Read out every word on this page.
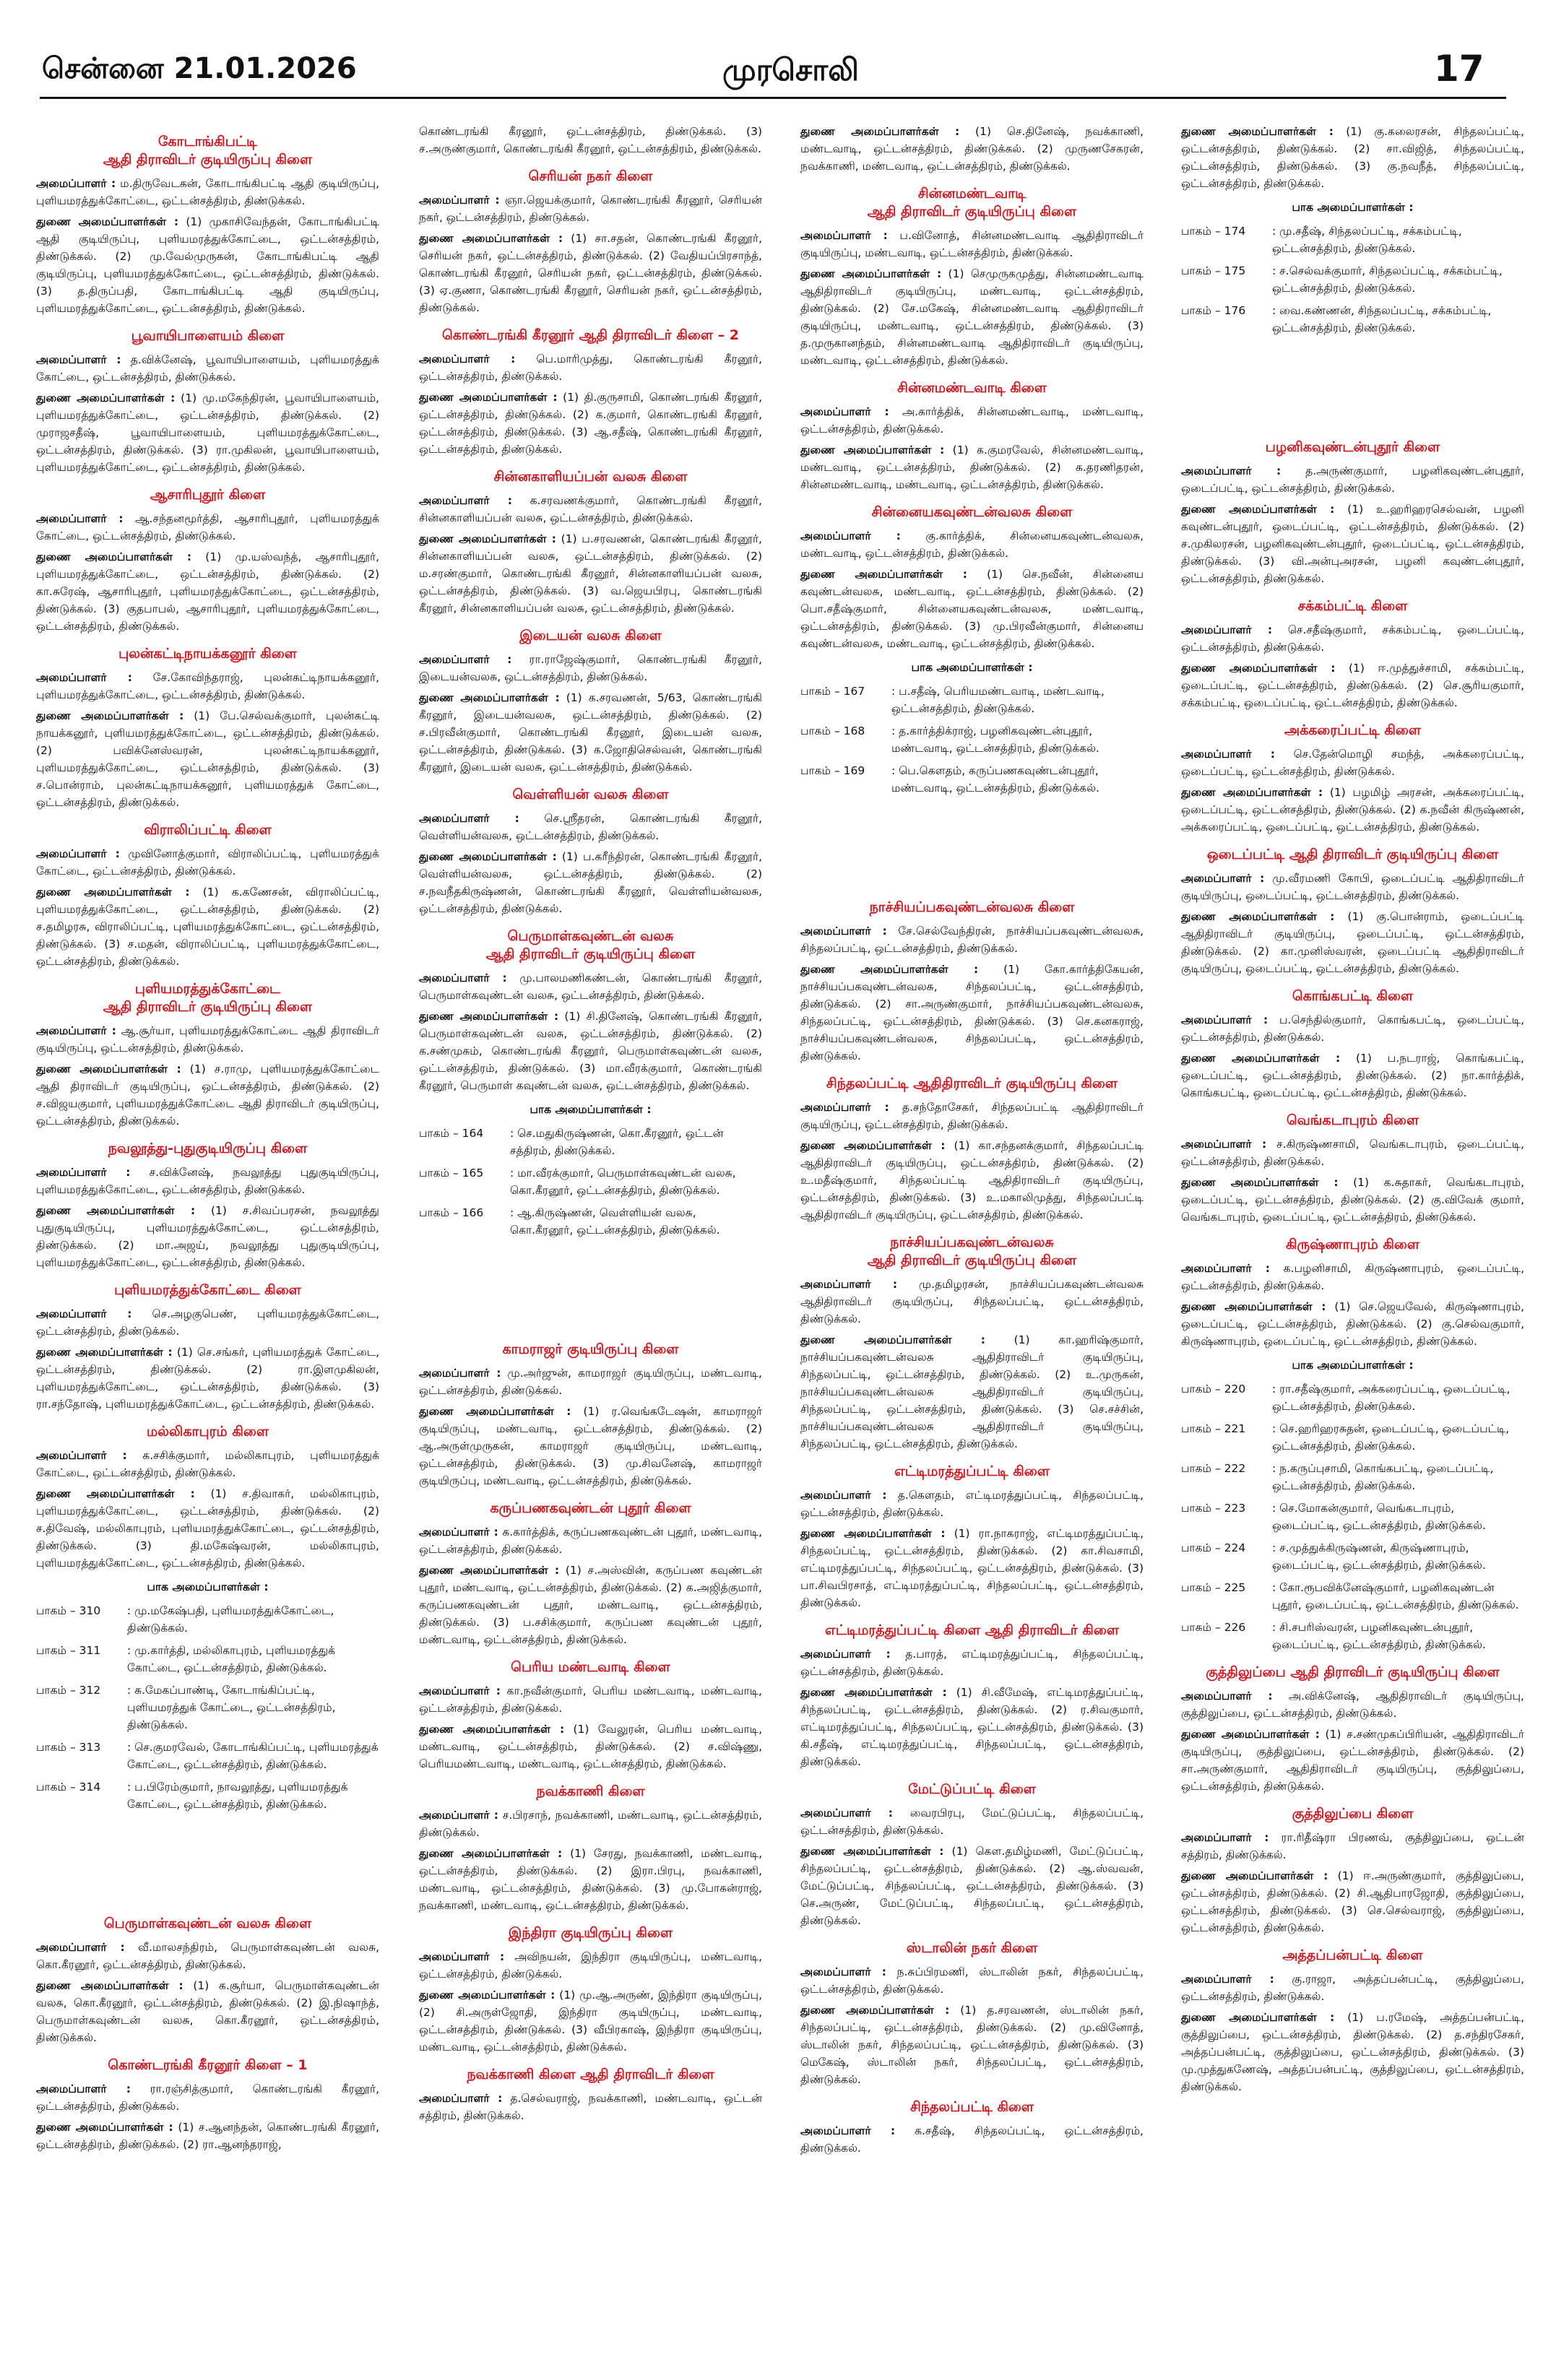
சென்னை 21.01.2026	முரசொலி	17
கோடாங்கிபட்டி
ஆதி திராவிடர் குடியிருப்பு கிளை

அமைப்பாளர் : ம.திருவேடகன், கோடாங்கிபட்டி ஆதி குடியிருப்பு, புளியமரத்துக்கோட்டை, ஒட்டன்சத்திரம், திண்டுக்கல்.

துணை அமைப்பாளர்கள் : (1) முகாசிவேந்தன், கோடாங்கிபட்டி ஆதி குடியிருப்பு, புளியமரத்துக்கோட்டை, ஒட்டன்சத்திரம், திண்டுக்கல். (2) மு.வேல்முருகன், கோடாங்கிபட்டி ஆதி குடியிருப்பு, புளியமரத்துக்கோட்டை, ஒட்டன்சத்திரம், திண்டுக்கல். (3) த.திருப்பதி, கோடாங்கிபட்டி ஆதி குடியிருப்பு, புளியமரத்துக்கோட்டை, ஒட்டன்சத்திரம், திண்டுக்கல்.

பூவாயிபாளையம் கிளை

அமைப்பாளர் : த.விக்னேஷ், பூவாயிபாளையம், புளியமரத்துக் கோட்டை, ஒட்டன்சத்திரம், திண்டுக்கல்.

துணை அமைப்பாளர்கள் : (1) மு.மகேந்திரன், பூவாயிபாளையம், புளியமரத்துக்கோட்டை, ஒட்டன்சத்திரம், திண்டுக்கல். (2) முராஜசதீஷ், பூவாயிபாளையம், புளியமரத்துக்கோட்டை, ஒட்டன்சத்திரம், திண்டுக்கல். (3) ரா.முகிலன், பூவாயிபாளையம், புளியமரத்துக்கோட்டை, ஒட்டன்சத்திரம், திண்டுக்கல்.

ஆசாரிபுதூர் கிளை

அமைப்பாளர் : ஆ.சந்தனமூர்த்தி, ஆசாரிபுதூர், புளியமரத்துக் கோட்டை, ஒட்டன்சத்திரம், திண்டுக்கல்.

துணை அமைப்பாளர்கள் : (1) மு.யஸ்வந்த், ஆசாரிபுதூர், புளியமரத்துக்கோட்டை, ஒட்டன்சத்திரம், திண்டுக்கல். (2) கா.சுரேஷ், ஆசாரிபுதூர், புளியமரத்துக்கோட்டை, ஒட்டன்சத்திரம், திண்டுக்கல். (3) குதபாபல், ஆசாரிபுதூர், புளியமரத்துக்கோட்டை, ஒட்டன்சத்திரம், திண்டுக்கல்.

புலன்கட்டிநாயக்கனூர் கிளை

அமைப்பாளர் : சே.கோவிந்தராஜ், புலன்கட்டிநாயக்கனூர், புளியமரத்துக்கோட்டை, ஒட்டன்சத்திரம், திண்டுக்கல்.

துணை அமைப்பாளர்கள் : (1) பே.செல்வக்குமார், புலன்கட்டி நாயக்கனூர், புளியமரத்துக்கோட்டை, ஒட்டன்சத்திரம், திண்டுக்கல். (2) பவிக்னேஸ்வரன், புலன்கட்டிநாயக்கனூர், புளியமரத்துக்கோட்டை, ஒட்டன்சத்திரம், திண்டுக்கல். (3) ச.பொன்ராம், புலன்கட்டிநாயக்கனூர், புளியமரத்துக் கோட்டை, ஒட்டன்சத்திரம், திண்டுக்கல்.

விராலிப்பட்டி கிளை

அமைப்பாளர் : முவினோத்குமார், விராலிப்பட்டி, புளியமரத்துக் கோட்டை, ஒட்டன்சத்திரம், திண்டுக்கல்.

துணை அமைப்பாளர்கள் : (1) க.கணேசன், விராலிப்பட்டி, புளியமரத்துக்கோட்டை, ஒட்டன்சத்திரம், திண்டுக்கல். (2) ச.தமிழரசு, விராலிப்பட்டி, புளியமரத்துக்கோட்டை, ஒட்டன்சத்திரம், திண்டுக்கல். (3) ச.மதன், விராலிப்பட்டி, புளியமரத்துக்கோட்டை, ஒட்டன்சத்திரம், திண்டுக்கல்.

புளியமரத்துக்கோட்டை
ஆதி திராவிடர் குடியிருப்பு கிளை

அமைப்பாளர் : ஆ.சூர்யா, புளியமரத்துக்கோட்டை ஆதி திராவிடர் குடியிருப்பு, ஒட்டன்சத்திரம், திண்டுக்கல்.

துணை அமைப்பாளர்கள் : (1) ச.ராமு, புளியமரத்துக்கோட்டை ஆதி திராவிடர் குடியிருப்பு, ஒட்டன்சத்திரம், திண்டுக்கல். (2) ச.விஜயகுமார், புளியமரத்துக்கோட்டை ஆதி திராவிடர் குடியிருப்பு, ஒட்டன்சத்திரம், திண்டுக்கல்.

நவலூத்து-புதுகுடியிருப்பு கிளை

அமைப்பாளர் : ச.விக்னேஷ், நவலூத்து புதுகுடியிருப்பு, புளியமரத்துக்கோட்டை, ஒட்டன்சத்திரம், திண்டுக்கல்.

துணை அமைப்பாளர்கள் : (1) ச.சிவப்பரசன், நவலூத்து புதுகுடியிருப்பு, புளியமரத்துக்கோட்டை, ஒட்டன்சத்திரம், திண்டுக்கல். (2) மா.அஜய், நவலூத்து புதுகுடியிருப்பு, புளியமரத்துக்கோட்டை, ஒட்டன்சத்திரம், திண்டுக்கல்.

புளியமரத்துக்கோட்டை கிளை

அமைப்பாளர் : செ.அழகுபெண், புளியமரத்துக்கோட்டை, ஒட்டன்சத்திரம், திண்டுக்கல்.

துணை அமைப்பாளர்கள் : (1) செ.சங்கர், புளியமரத்துக் கோட்டை, ஒட்டன்சத்திரம், திண்டுக்கல். (2) ரா.இளமுகிலன், புளியமரத்துக்கோட்டை, ஒட்டன்சத்திரம், திண்டுக்கல். (3) ரா.சந்தோஷ், புளியமரத்துக்கோட்டை, ஒட்டன்சத்திரம், திண்டுக்கல்.

மல்லிகாபுரம் கிளை

அமைப்பாளர் : க.சசிக்குமார், மல்லிகாபுரம், புளியமரத்துக் கோட்டை, ஒட்டன்சத்திரம், திண்டுக்கல்.

துணை அமைப்பாளர்கள் : (1) ச.திவாகர், மல்லிகாபுரம், புளியமரத்துக்கோட்டை, ஒட்டன்சத்திரம், திண்டுக்கல். (2) ச.திவேஷ், மல்லிகாபுரம், புளியமரத்துக்கோட்டை, ஒட்டன்சத்திரம், திண்டுக்கல். (3) தி.மகேஷ்வரன், மல்லிகாபுரம், புளியமரத்துக்கோட்டை, ஒட்டன்சத்திரம், திண்டுக்கல்.

பாக அமைப்பாளர்கள் :
பாகம் – 310	: மு.மகேஷ்பதி, புளியமரத்துக்கோட்டை, திண்டுக்கல்.
பாகம் – 311	: மு.கார்த்தி, மல்லிகாபுரம், புளியமரத்துக் கோட்டை, ஒட்டன்சத்திரம், திண்டுக்கல்.
பாகம் – 312	: க.மேகப்பாண்டி, கோடாங்கிப்பட்டி, புளியமரத்துக் கோட்டை, ஒட்டன்சத்திரம், திண்டுக்கல்.
பாகம் – 313	: செ.குமரவேல், கோடாங்கிப்பட்டி, புளியமரத்துக் கோட்டை, ஒட்டன்சத்திரம், திண்டுக்கல்.
பாகம் – 314	: ப.பிரேம்குமார், நாவலூத்து, புளியமரத்துக் கோட்டை, ஒட்டன்சத்திரம், திண்டுக்கல்.
பெருமாள்கவுண்டன் வலசு கிளை

அமைப்பாளர் : வீ.மாலசந்திரம், பெருமாள்கவுண்டன் வலசு, கொ.கீரனூர், ஒட்டன்சத்திரம், திண்டுக்கல்.

துணை அமைப்பாளர்கள் : (1) க.சூர்யா, பெருமாள்கவுண்டன் வலசு, கொ.கீரனூர், ஒட்டன்சத்திரம், திண்டுக்கல். (2) இ.நிஷாந்த், பெருமாள்கவுண்டன் வலசு, கொ.கீரனூர், ஒட்டன்சத்திரம், திண்டுக்கல்.

கொண்டரங்கி கீரனூர் கிளை – 1

அமைப்பாளர் : ரா.ரஞ்சித்குமார், கொண்டரங்கி கீரனூர், ஒட்டன்சத்திரம், திண்டுக்கல்.

துணை அமைப்பாளர்கள் : (1) ச.ஆனந்தன், கொண்டரங்கி கீரனூர், ஒட்டன்சத்திரம், திண்டுக்கல். (2) ரா.ஆனந்தராஜ்,

கொண்டரங்கி கீரனூர், ஒட்டன்சத்திரம், திண்டுக்கல். (3) ச.அருண்குமார், கொண்டரங்கி கீரனூர், ஒட்டன்சத்திரம், திண்டுக்கல்.

செரியன் நகர் கிளை

அமைப்பாளர் : ஞா.ஜெயக்குமார், கொண்டரங்கி கீரனூர், செரியன் நகர், ஒட்டன்சத்திரம், திண்டுக்கல்.

துணை அமைப்பாளர்கள் : (1) சா.சதன், கொண்டரங்கி கீரனூர், செரியன் நகர், ஒட்டன்சத்திரம், திண்டுக்கல். (2) வேதியப்பிரசாந்த், கொண்டரங்கி கீரனூர், செரியன் நகர், ஒட்டன்சத்திரம், திண்டுக்கல். (3) ஏ.குணா, கொண்டரங்கி கீரனூர், செரியன் நகர், ஒட்டன்சத்திரம், திண்டுக்கல்.

கொண்டரங்கி கீரனூர் ஆதி திராவிடர் கிளை – 2

அமைப்பாளர் : பெ.மாரிமுத்து, கொண்டரங்கி கீரனூர், ஒட்டன்சத்திரம், திண்டுக்கல்.

துணை அமைப்பாளர்கள் : (1) தி.குருசாமி, கொண்டரங்கி கீரனூர், ஒட்டன்சத்திரம், திண்டுக்கல். (2) க.குமார், கொண்டரங்கி கீரனூர், ஒட்டன்சத்திரம், திண்டுக்கல். (3) ஆ.சதீஷ், கொண்டரங்கி கீரனூர், ஒட்டன்சத்திரம், திண்டுக்கல்.

சின்னகாளியப்பன் வலசு கிளை

அமைப்பாளர் : க.சரவணக்குமார், கொண்டரங்கி கீரனூர், சின்னகாளியப்பன் வலசு, ஒட்டன்சத்திரம், திண்டுக்கல்.

துணை அமைப்பாளர்கள் : (1) ப.சரவணன், கொண்டரங்கி கீரனூர், சின்னகாளியப்பன் வலசு, ஒட்டன்சத்திரம், திண்டுக்கல். (2) ம.சரண்குமார், கொண்டரங்கி கீரனூர், சின்னகாளியப்பன் வலசு, ஒட்டன்சத்திரம், திண்டுக்கல். (3) வ.ஜெயபிரபு, கொண்டரங்கி கீரனூர், சின்னகாளியப்பன் வலசு, ஒட்டன்சத்திரம், திண்டுக்கல்.

இடையன் வலசு கிளை

அமைப்பாளர் : ரா.ராஜேஷ்குமார், கொண்டரங்கி கீரனூர், இடையன்வலசு, ஒட்டன்சத்திரம், திண்டுக்கல்.

துணை அமைப்பாளர்கள் : (1) க.சரவணன், 5/63, கொண்டரங்கி கீரனூர், இடையன்வலசு, ஒட்டன்சத்திரம், திண்டுக்கல். (2) ச.பிரவீன்குமார், கொண்டரங்கி கீரனூர், இடையன் வலசு, ஒட்டன்சத்திரம், திண்டுக்கல். (3) க.ஜோதிசெல்வன், கொண்டரங்கி கீரனூர், இடையன் வலசு, ஒட்டன்சத்திரம், திண்டுக்கல்.

வெள்ளியன் வலசு கிளை

அமைப்பாளர் : செ.ஸ்ரீதரன், கொண்டரங்கி கீரனூர், வெள்ளியன்வலசு, ஒட்டன்சத்திரம், திண்டுக்கல்.

துணை அமைப்பாளர்கள் : (1) ப.கரீந்திரன், கொண்டரங்கி கீரனூர், வெள்ளியன்வலசு, ஒட்டன்சத்திரம், திண்டுக்கல். (2) ச.நவநீதகிருஷ்ணன், கொண்டரங்கி கீரனூர், வெள்ளியன்வலசு, ஒட்டன்சத்திரம், திண்டுக்கல்.

பெருமாள்கவுண்டன் வலசு
ஆதி திராவிடர் குடியிருப்பு கிளை

அமைப்பாளர் : மு.பாலமணிகண்டன், கொண்டரங்கி கீரனூர், பெருமாள்கவுண்டன் வலசு, ஒட்டன்சத்திரம், திண்டுக்கல்.

துணை அமைப்பாளர்கள் : (1) சி.தினேஷ், கொண்டரங்கி கீரனூர், பெருமாள்கவுண்டன் வலசு, ஒட்டன்சத்திரம், திண்டுக்கல். (2) க.சண்முகம், கொண்டரங்கி கீரனூர், பெருமாள்கவுண்டன் வலசு, ஒட்டன்சத்திரம், திண்டுக்கல். (3) மா.வீரக்குமார், கொண்டரங்கி கீரனூர், பெருமாள் கவுண்டன் வலசு, ஒட்டன்சத்திரம், திண்டுக்கல்.

பாக அமைப்பாளர்கள் :
பாகம் – 164	: செ.மதுகிருஷ்ணன், கொ.கீரனூர், ஒட்டன் சத்திரம், திண்டுக்கல்.
பாகம் – 165	: மா.வீரக்குமார், பெருமாள்கவுண்டன் வலசு, கொ.கீரனூர், ஒட்டன்சத்திரம், திண்டுக்கல்.
பாகம் – 166	: ஆ.கிருஷ்ணன், வெள்ளியன் வலசு, கொ.கீரனூர், ஒட்டன்சத்திரம், திண்டுக்கல்.
காமராஜர் குடியிருப்பு கிளை

அமைப்பாளர் : மு.அர்ஜுன், காமராஜர் குடியிருப்பு, மண்டவாடி, ஒட்டன்சத்திரம், திண்டுக்கல்.

துணை அமைப்பாளர்கள் : (1) ர.வெங்கடேஷன், காமராஜர் குடியிருப்பு, மண்டவாடி, ஒட்டன்சத்திரம், திண்டுக்கல். (2) ஆ.அருள்முருகன், காமராஜர் குடியிருப்பு, மண்டவாடி, ஒட்டன்சத்திரம், திண்டுக்கல். (3) மு.சிவனேஷ், காமராஜர் குடியிருப்பு, மண்டவாடி, ஒட்டன்சத்திரம், திண்டுக்கல்.

கருப்பணகவுண்டன் புதூர் கிளை

அமைப்பாளர் : க.கார்த்திக், கருப்பணகவுண்டன் புதூர், மண்டவாடி, ஒட்டன்சத்திரம், திண்டுக்கல்.

துணை அமைப்பாளர்கள் : (1) ச.அஸ்வின், கருப்பண கவுண்டன் புதூர், மண்டவாடி, ஒட்டன்சத்திரம், திண்டுக்கல். (2) க.அஜித்குமார், கருப்பணகவுண்டன் புதூர், மண்டவாடி, ஒட்டன்சத்திரம், திண்டுக்கல். (3) ப.சசிக்குமார், கருப்பண கவுண்டன் புதூர், மண்டவாடி, ஒட்டன்சத்திரம், திண்டுக்கல்.

பெரிய மண்டவாடி கிளை

அமைப்பாளர் : கா.நவீன்குமார், பெரிய மண்டவாடி, மண்டவாடி, ஒட்டன்சத்திரம், திண்டுக்கல்.

துணை அமைப்பாளர்கள் : (1) வேலுரன், பெரிய மண்டவாடி, மண்டவாடி, ஒட்டன்சத்திரம், திண்டுக்கல். (2) ச.விஷ்ணு, பெரியமண்டவாடி, மண்டவாடி, ஒட்டன்சத்திரம், திண்டுக்கல்.

நவக்காணி கிளை

அமைப்பாளர் : ச.பிரசாந், நவக்காணி, மண்டவாடி, ஒட்டன்சத்திரம், திண்டுக்கல்.

துணை அமைப்பாளர்கள் : (1) சேரது, நவக்காணி, மண்டவாடி, ஒட்டன்சத்திரம், திண்டுக்கல். (2) இரா.பிரபு, நவக்காணி, மண்டவாடி, ஒட்டன்சத்திரம், திண்டுக்கல். (3) மு.போகன்ராஜ், நவக்காணி, மண்டவாடி, ஒட்டன்சத்திரம், திண்டுக்கல்.

இந்திரா குடியிருப்பு கிளை

அமைப்பாளர் : அவிநயன், இந்திரா குடியிருப்பு, மண்டவாடி, ஒட்டன்சத்திரம், திண்டுக்கல்.

துணை அமைப்பாளர்கள் : (1) மு.ஆ.அருண், இந்திரா குடியிருப்பு, (2) சி.அருள்ஜோதி, இந்திரா குடியிருப்பு, மண்டவாடி, ஒட்டன்சத்திரம், திண்டுக்கல். (3) வீபிரகாஷ், இந்திரா குடியிருப்பு, மண்டவாடி, ஒட்டன்சத்திரம், திண்டுக்கல்.

நவக்காணி கிளை ஆதி திராவிடர் கிளை

அமைப்பாளர் : த.செல்வராஜ், நவக்காணி, மண்டவாடி, ஒட்டன் சத்திரம், திண்டுக்கல்.

துணை அமைப்பாளர்கள் : (1) செ.தினேஷ், நவக்காணி, மண்டவாடி, ஒட்டன்சத்திரம், திண்டுக்கல். (2) முருணசேகரன், நவக்காணி, மண்டவாடி, ஒட்டன்சத்திரம், திண்டுக்கல்.

சின்னமண்டவாடி
ஆதி திராவிடர் குடியிருப்பு கிளை

அமைப்பாளர் : ப.வினோத், சின்னமண்டவாடி ஆதிதிராவிடர் குடியிருப்பு, மண்டவாடி, ஒட்டன்சத்திரம், திண்டுக்கல்.

துணை அமைப்பாளர்கள் : (1) செமுருகமுத்து, சின்னமண்டவாடி ஆதிதிராவிடர் குடியிருப்பு, மண்டவாடி, ஒட்டன்சத்திரம், திண்டுக்கல். (2) சே.மகேஷ், சின்னமண்டவாடி ஆதிதிராவிடர் குடியிருப்பு, மண்டவாடி, ஒட்டன்சத்திரம், திண்டுக்கல். (3) த.முருகானந்தம், சின்னமண்டவாடி ஆதிதிராவிடர் குடியிருப்பு, மண்டவாடி, ஒட்டன்சத்திரம், திண்டுக்கல்.

சின்னமண்டவாடி கிளை

அமைப்பாளர் : அ.கார்த்திக், சின்னமண்டவாடி, மண்டவாடி, ஒட்டன்சத்திரம், திண்டுக்கல்.

துணை அமைப்பாளர்கள் : (1) க.குமரவேல், சின்னமண்டவாடி, மண்டவாடி, ஒட்டன்சத்திரம், திண்டுக்கல். (2) க.தரணிதரன், சின்னமண்டவாடி, மண்டவாடி, ஒட்டன்சத்திரம், திண்டுக்கல்.

சின்னையகவுண்டன்வலசு கிளை

அமைப்பாளர் : கு.கார்த்திக், சின்னையகவுண்டன்வலசு, மண்டவாடி, ஒட்டன்சத்திரம், திண்டுக்கல்.

துணை அமைப்பாளர்கள் : (1) செ.நவீன், சின்னைய கவுண்டன்வலசு, மண்டவாடி, ஒட்டன்சத்திரம், திண்டுக்கல். (2) பொ.சதீஷ்குமார், சின்னையகவுண்டன்வலசு, மண்டவாடி, ஒட்டன்சத்திரம், திண்டுக்கல். (3) மு.பிரவீன்குமார், சின்னைய கவுண்டன்வலசு, மண்டவாடி, ஒட்டன்சத்திரம், திண்டுக்கல்.

பாக அமைப்பாளர்கள் :
பாகம் – 167	: ப.சதீஷ், பெரியமண்டவாடி, மண்டவாடி, ஒட்டன்சத்திரம், திண்டுக்கல்.
பாகம் – 168	: த.கார்த்திக்ராஜ், பழனிகவுண்டன்புதூர், மண்டவாடி, ஒட்டன்சத்திரம், திண்டுக்கல்.
பாகம் – 169	: பெ.கௌதம், கருப்பணகவுண்டன்புதூர், மண்டவாடி, ஒட்டன்சத்திரம், திண்டுக்கல்.
நாச்சியப்பகவுண்டன்வலசு கிளை

அமைப்பாளர் : சே.செல்வேந்திரன், நாச்சியப்பகவுண்டன்வலசு, சிந்தலப்பட்டி, ஒட்டன்சத்திரம், திண்டுக்கல்.

துணை அமைப்பாளர்கள் : (1) கோ.கார்த்திகேயன், நாச்சியப்பகவுண்டன்வலசு, சிந்தலப்பட்டி, ஒட்டன்சத்திரம், திண்டுக்கல். (2) சா.அருண்குமார், நாச்சியப்பகவுண்டன்வலசு, சிந்தலப்பட்டி, ஒட்டன்சத்திரம், திண்டுக்கல். (3) செ.கனகராஜ், நாச்சியப்பகவுண்டன்வலசு, சிந்தலப்பட்டி, ஒட்டன்சத்திரம், திண்டுக்கல்.

சிந்தலப்பட்டி ஆதிதிராவிடர் குடியிருப்பு கிளை

அமைப்பாளர் : த.சந்தோசேகர், சிந்தலப்பட்டி ஆதிதிராவிடர் குடியிருப்பு, ஒட்டன்சத்திரம், திண்டுக்கல்.

துணை அமைப்பாளர்கள் : (1) கா.சந்தனக்குமார், சிந்தலப்பட்டி ஆதிதிராவிடர் குடியிருப்பு, ஒட்டன்சத்திரம், திண்டுக்கல். (2) உ.மதீஷ்குமார், சிந்தலப்பட்டி ஆதிதிராவிடர் குடியிருப்பு, ஒட்டன்சத்திரம், திண்டுக்கல். (3) உ.மகாலிமுத்து, சிந்தலப்பட்டி ஆதிதிராவிடர் குடியிருப்பு, ஒட்டன்சத்திரம், திண்டுக்கல்.

நாச்சியப்பகவுண்டன்வலசு
ஆதி திராவிடர் குடியிருப்பு கிளை

அமைப்பாளர் : மு.தமிழரசன், நாச்சியப்பகவுண்டன்வலசு ஆதிதிராவிடர் குடியிருப்பு, சிந்தலப்பட்டி, ஒட்டன்சத்திரம், திண்டுக்கல்.

துணை அமைப்பாளர்கள் : (1) கா.ஹரிஷ்குமார், நாச்சியப்பகவுண்டன்வலசு ஆதிதிராவிடர் குடியிருப்பு, சிந்தலப்பட்டி, ஒட்டன்சத்திரம், திண்டுக்கல். (2) உ.முருகன், நாச்சியப்பகவுண்டன்வலசு ஆதிதிராவிடர் குடியிருப்பு, சிந்தலப்பட்டி, ஒட்டன்சத்திரம், திண்டுக்கல். (3) செ.சச்சின், நாச்சியப்பகவுண்டன்வலசு ஆதிதிராவிடர் குடியிருப்பு, சிந்தலப்பட்டி, ஒட்டன்சத்திரம், திண்டுக்கல்.

எட்டிமரத்துப்பட்டி கிளை

அமைப்பாளர் : த.கௌதம், எட்டிமரத்துப்பட்டி, சிந்தலப்பட்டி, ஒட்டன்சத்திரம், திண்டுக்கல்.

துணை அமைப்பாளர்கள் : (1) ரா.நாகராஜ், எட்டிமரத்துப்பட்டி, சிந்தலப்பட்டி, ஒட்டன்சத்திரம், திண்டுக்கல். (2) கா.சிவசாமி, எட்டிமரத்துப்பட்டி, சிந்தலப்பட்டி, ஒட்டன்சத்திரம், திண்டுக்கல். (3) பா.சிவபிரசாத், எட்டிமரத்துப்பட்டி, சிந்தலப்பட்டி, ஒட்டன்சத்திரம், திண்டுக்கல்.

எட்டிமரத்துப்பட்டி கிளை ஆதி திராவிடர் கிளை

அமைப்பாளர் : த.பாரத், எட்டிமரத்துப்பட்டி, சிந்தலப்பட்டி, ஒட்டன்சத்திரம், திண்டுக்கல்.

துணை அமைப்பாளர்கள் : (1) சி.வீமேஷ், எட்டிமரத்துப்பட்டி, சிந்தலப்பட்டி, ஒட்டன்சத்திரம், திண்டுக்கல். (2) ர.சிவகுமார், எட்டிமரத்துப்பட்டி, சிந்தலப்பட்டி, ஒட்டன்சத்திரம், திண்டுக்கல். (3) கி.சதீஷ், எட்டிமரத்துப்பட்டி, சிந்தலப்பட்டி, ஒட்டன்சத்திரம், திண்டுக்கல்.

மேட்டுப்பட்டி கிளை

அமைப்பாளர் : வைரபிரபு, மேட்டுப்பட்டி, சிந்தலப்பட்டி, ஒட்டன்சத்திரம், திண்டுக்கல்.

துணை அமைப்பாளர்கள் : (1) கௌ.தமிழ்மணி, மேட்டுப்பட்டி, சிந்தலப்பட்டி, ஒட்டன்சத்திரம், திண்டுக்கல். (2) ஆ.ஸ்வவன், மேட்டுப்பட்டி, சிந்தலப்பட்டி, ஒட்டன்சத்திரம், திண்டுக்கல். (3) செ.அருண், மேட்டுப்பட்டி, சிந்தலப்பட்டி, ஒட்டன்சத்திரம், திண்டுக்கல்.

ஸ்டாலின் நகர் கிளை

அமைப்பாளர் : ந.சுப்பிரமணி, ஸ்டாலின் நகர், சிந்தலப்பட்டி, ஒட்டன்சத்திரம், திண்டுக்கல்.

துணை அமைப்பாளர்கள் : (1) த.சரவணன், ஸ்டாலின் நகர், சிந்தலப்பட்டி, ஒட்டன்சத்திரம், திண்டுக்கல். (2) மு.வினோத், ஸ்டாலின் நகர், சிந்தலப்பட்டி, ஒட்டன்சத்திரம், திண்டுக்கல். (3) மெகேஷ், ஸ்டாலின் நகர், சிந்தலப்பட்டி, ஒட்டன்சத்திரம், திண்டுக்கல்.

சிந்தலப்பட்டி கிளை

அமைப்பாளர் : க.சதீஷ், சிந்தலப்பட்டி, ஒட்டன்சத்திரம், திண்டுக்கல்.

துணை அமைப்பாளர்கள் : (1) கு.கலைரசன், சிந்தலப்பட்டி, ஒட்டன்சத்திரம், திண்டுக்கல். (2) சா.விஜித், சிந்தலப்பட்டி, ஒட்டன்சத்திரம், திண்டுக்கல். (3) கு.நவநீத், சிந்தலப்பட்டி, ஒட்டன்சத்திரம், திண்டுக்கல்.

பாக அமைப்பாளர்கள் :
பாகம் – 174	: மு.சதீஷ், சிந்தலப்பட்டி, சக்கம்பட்டி, ஒட்டன்சத்திரம், திண்டுக்கல்.
பாகம் – 175	: ச.செல்வக்குமார், சிந்தலப்பட்டி, சக்கம்பட்டி, ஒட்டன்சத்திரம், திண்டுக்கல்.
பாகம் – 176	: வை.கண்ணன், சிந்தலப்பட்டி, சக்கம்பட்டி, ஒட்டன்சத்திரம், திண்டுக்கல்.
பழனிகவுண்டன்புதூர் கிளை

அமைப்பாளர் : த.அருண்குமார், பழனிகவுண்டன்புதூர், ஒடைப்பட்டி, ஒட்டன்சத்திரம், திண்டுக்கல்.

துணை அமைப்பாளர்கள் : (1) உ.ஹரிஹரசெல்வன், பழனி கவுண்டன்புதூர், ஒடைப்பட்டி, ஒட்டன்சத்திரம், திண்டுக்கல். (2) ச.முகிலரசன், பழனிகவுண்டன்புதூர், ஒடைப்பட்டி, ஒட்டன்சத்திரம், திண்டுக்கல். (3) வி.அன்புஅரசன், பழனி கவுண்டன்புதூர், ஒட்டன்சத்திரம், திண்டுக்கல்.

சக்கம்பட்டி கிளை

அமைப்பாளர் : செ.சதீஷ்குமார், சக்கம்பட்டி, ஒடைப்பட்டி, ஒட்டன்சத்திரம், திண்டுக்கல்.

துணை அமைப்பாளர்கள் : (1) ஈ.முத்துச்சாமி, சக்கம்பட்டி, ஒடைப்பட்டி, ஒட்டன்சத்திரம், திண்டுக்கல். (2) செ.சூரியகுமார், சக்கம்பட்டி, ஒடைப்பட்டி, ஒட்டன்சத்திரம், திண்டுக்கல்.

அக்கரைப்பட்டி கிளை

அமைப்பாளர் : செ.தேன்மொழி சமந்த், அக்கரைப்பட்டி, ஒடைப்பட்டி, ஒட்டன்சத்திரம், திண்டுக்கல்.

துணை அமைப்பாளர்கள் : (1) பழமிழ் அரசன், அக்கரைப்பட்டி, ஒடைப்பட்டி, ஒட்டன்சத்திரம், திண்டுக்கல். (2) க.நவீன் கிருஷ்ணன், அக்கரைப்பட்டி, ஒடைப்பட்டி, ஒட்டன்சத்திரம், திண்டுக்கல்.

ஒடைப்பட்டி ஆதி திராவிடர் குடியிருப்பு கிளை

அமைப்பாளர் : மு.வீரமணி கோபி, ஒடைப்பட்டி ஆதிதிராவிடர் குடியிருப்பு, ஒடைப்பட்டி, ஒட்டன்சத்திரம், திண்டுக்கல்.

துணை அமைப்பாளர்கள் : (1) கு.பொன்ராம், ஒடைப்பட்டி ஆதிதிராவிடர் குடியிருப்பு, ஒடைப்பட்டி, ஒட்டன்சத்திரம், திண்டுக்கல். (2) கா.முனிஸ்வரன், ஒடைப்பட்டி ஆதிதிராவிடர் குடியிருப்பு, ஒடைப்பட்டி, ஒட்டன்சத்திரம், திண்டுக்கல்.

கொங்கபட்டி கிளை

அமைப்பாளர் : ப.செந்தில்குமார், கொங்கபட்டி, ஒடைப்பட்டி, ஒட்டன்சத்திரம், திண்டுக்கல்.

துணை அமைப்பாளர்கள் : (1) ப.நடராஜ், கொங்கபட்டி, ஒடைப்பட்டி, ஒட்டன்சத்திரம், திண்டுக்கல். (2) நா.கார்த்திக், கொங்கபட்டி, ஒடைப்பட்டி, ஒட்டன்சத்திரம், திண்டுக்கல்.

வெங்கடாபுரம் கிளை

அமைப்பாளர் : ச.கிருஷ்ணசாமி, வெங்கடாபுரம், ஒடைப்பட்டி, ஒட்டன்சத்திரம், திண்டுக்கல்.

துணை அமைப்பாளர்கள் : (1) க.சுதாகர், வெங்கடாபுரம், ஒடைப்பட்டி, ஒட்டன்சத்திரம், திண்டுக்கல். (2) கு.விவேக் குமார், வெங்கடாபுரம், ஒடைப்பட்டி, ஒட்டன்சத்திரம், திண்டுக்கல்.

கிருஷ்ணாபுரம் கிளை

அமைப்பாளர் : க.பழனிசாமி, கிருஷ்ணாபுரம், ஒடைப்பட்டி, ஒட்டன்சத்திரம், திண்டுக்கல்.

துணை அமைப்பாளர்கள் : (1) செ.ஜெயவேல், கிருஷ்ணாபுரம், ஒடைப்பட்டி, ஒட்டன்சத்திரம், திண்டுக்கல். (2) கு.செல்வகுமார், கிருஷ்ணாபுரம், ஒடைப்பட்டி, ஒட்டன்சத்திரம், திண்டுக்கல்.

பாக அமைப்பாளர்கள் :
பாகம் – 220	: ரா.சதீஷ்குமார், அக்கரைப்பட்டி, ஒடைப்பட்டி, ஒட்டன்சத்திரம், திண்டுக்கல்.
பாகம் – 221	: செ.ஹரிஹரசுதன், ஒடைப்பட்டி, ஒடைப்பட்டி, ஒட்டன்சத்திரம், திண்டுக்கல்.
பாகம் – 222	: ந.கருப்புசாமி, கொங்கபட்டி, ஒடைப்பட்டி, ஒட்டன்சத்திரம், திண்டுக்கல்.
பாகம் – 223	: செ.மோகன்குமார், வெங்கடாபுரம், ஒடைப்பட்டி, ஒட்டன்சத்திரம், திண்டுக்கல்.
பாகம் – 224	: ச.முத்துக்கிருஷ்ணன், கிருஷ்ணாபுரம், ஒடைப்பட்டி, ஒட்டன்சத்திரம், திண்டுக்கல்.
பாகம் – 225	: கோ.ரூபவிக்னேஷ்குமார், பழனிகவுண்டன் புதூர், ஒடைப்பட்டி, ஒட்டன்சத்திரம், திண்டுக்கல்.
பாகம் – 226	: சி.சபரிஸ்வரன், பழனிகவுண்டன்புதூர், ஒடைப்பட்டி, ஒட்டன்சத்திரம், திண்டுக்கல்.
குத்திலுப்பை ஆதி திராவிடர் குடியிருப்பு கிளை

அமைப்பாளர் : அ.விக்னேஷ், ஆதிதிராவிடர் குடியிருப்பு, குத்திலுப்பை, ஒட்டன்சத்திரம், திண்டுக்கல்.

துணை அமைப்பாளர்கள் : (1) ச.சண்முகப்பிரியன், ஆதிதிராவிடர் குடியிருப்பு, குத்திலுப்பை, ஒட்டன்சத்திரம், திண்டுக்கல். (2) சா.அருண்குமார், ஆதிதிராவிடர் குடியிருப்பு, குத்திலுப்பை, ஒட்டன்சத்திரம், திண்டுக்கல்.

குத்திலுப்பை கிளை

அமைப்பாளர் : ரா.ரிதீஷ்ரா பிரணவ், குத்திலுப்பை, ஒட்டன் சத்திரம், திண்டுக்கல்.

துணை அமைப்பாளர்கள் : (1) ஈ.அருண்குமார், குத்திலுப்பை, ஒட்டன்சத்திரம், திண்டுக்கல். (2) சி.ஆதிபாரஜோதி, குத்திலுப்பை, ஒட்டன்சத்திரம், திண்டுக்கல். (3) செ.செல்வராஜ், குத்திலுப்பை, ஒட்டன்சத்திரம், திண்டுக்கல்.

அத்தப்பன்பட்டி கிளை

அமைப்பாளர் : கு.ராஜா, அத்தப்பன்பட்டி, குத்திலுப்பை, ஒட்டன்சத்திரம், திண்டுக்கல்.

துணை அமைப்பாளர்கள் : (1) ப.ரமேஷ், அத்தப்பன்பட்டி, குத்திலுப்பை, ஒட்டன்சத்திரம், திண்டுக்கல். (2) த.சந்திரசேகர், அத்தப்பன்பட்டி, குத்திலுப்பை, ஒட்டன்சத்திரம், திண்டுக்கல். (3) மு.முத்துகணேஷ், அத்தப்பன்பட்டி, குத்திலுப்பை, ஒட்டன்சத்திரம், திண்டுக்கல்.
